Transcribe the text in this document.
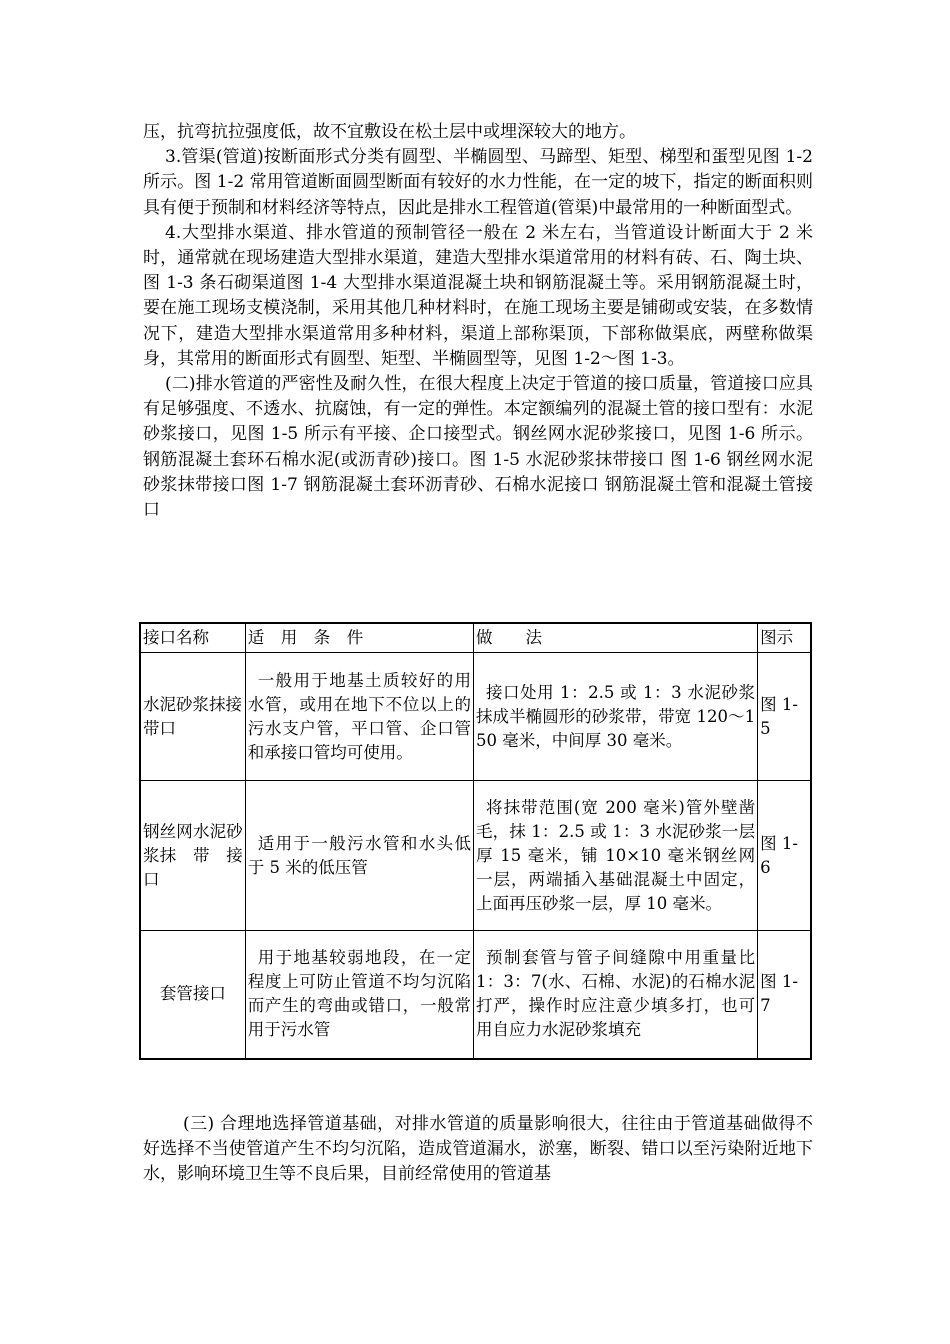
压，抗弯抗拉强度低，故不宜敷设在松土层中或埋深较大的地方。

3.管渠(管道)按断面形式分类有圆型、半椭圆型、马蹄型、矩型、梯型和蛋型见图 1-2 所示。图 1-2 常用管道断面圆型断面有较好的水力性能，在一定的坡下，指定的断面积则具有便于预制和材料经济等特点，因此是排水工程管道(管渠)中最常用的一种断面型式。

4.大型排水渠道、排水管道的预制管径一般在 2 米左右，当管道设计断面大于 2 米时，通常就在现场建造大型排水渠道，建造大型排水渠道常用的材料有砖、石、陶土块、 图 1-3 条石砌渠道图 1-4 大型排水渠道混凝土块和钢筋混凝土等。采用钢筋混凝土时，要在施工现场支模浇制，采用其他几种材料时，在施工现场主要是铺砌或安装，在多数情况下，建造大型排水渠道常用多种材料，渠道上部称渠顶，下部称做渠底，两壁称做渠身，其常用的断面形式有圆型、矩型、半椭圆型等，见图 1-2～图 1-3。

(二)排水管道的严密性及耐久性，在很大程度上决定于管道的接口质量，管道接口应具有足够强度、不透水、抗腐蚀，有一定的弹性。本定额编列的混凝土管的接口型有：水泥砂浆接口，见图 1-5 所示有平接、企口接型式。钢丝网水泥砂浆接口，见图 1-6 所示。钢筋混凝土套环石棉水泥(或沥青砂)接口。图 1-5 水泥砂浆抹带接口 图 1-6 钢丝网水泥砂浆抹带接口图 1-7 钢筋混凝土套环沥青砂、石棉水泥接口 钢筋混凝土管和混凝土管接口

接口名称	适　用　条　件	做　　法	图示
水泥砂浆抹接带口	一般用于地基土质较好的用水管，或用在地下不位以上的污水支户管，平口管、企口管和承接口管均可使用。	接口处用 1：2.5 或 1：3 水泥砂浆抹成半椭圆形的砂浆带，带宽 120～150 毫米，中间厚 30 毫米。	图 1-5
钢丝网水泥砂浆抹　带　接口	适用于一般污水管和水头低于 5 米的低压管	将抹带范围(宽 200 毫米)管外壁凿毛，抹 1：2.5 或 1：3 水泥砂浆一层厚 15 毫米，铺 10×10 毫米钢丝网一层，两端插入基础混凝土中固定，上面再压砂浆一层，厚 10 毫米。	图 1-6
套管接口	用于地基较弱地段，在一定程度上可防止管道不均匀沉陷而产生的弯曲或错口，一般常用于污水管	预制套管与管子间缝隙中用重量比 1：3：7(水、石棉、水泥)的石棉水泥打严，操作时应注意少填多打，也可用自应力水泥砂浆填充	图 1-7

(三) 合理地选择管道基础，对排水管道的质量影响很大，往往由于管道基础做得不好选择不当使管道产生不均匀沉陷，造成管道漏水，淤塞，断裂、错口以至污染附近地下水，影响环境卫生等不良后果，目前经常使用的管道基
